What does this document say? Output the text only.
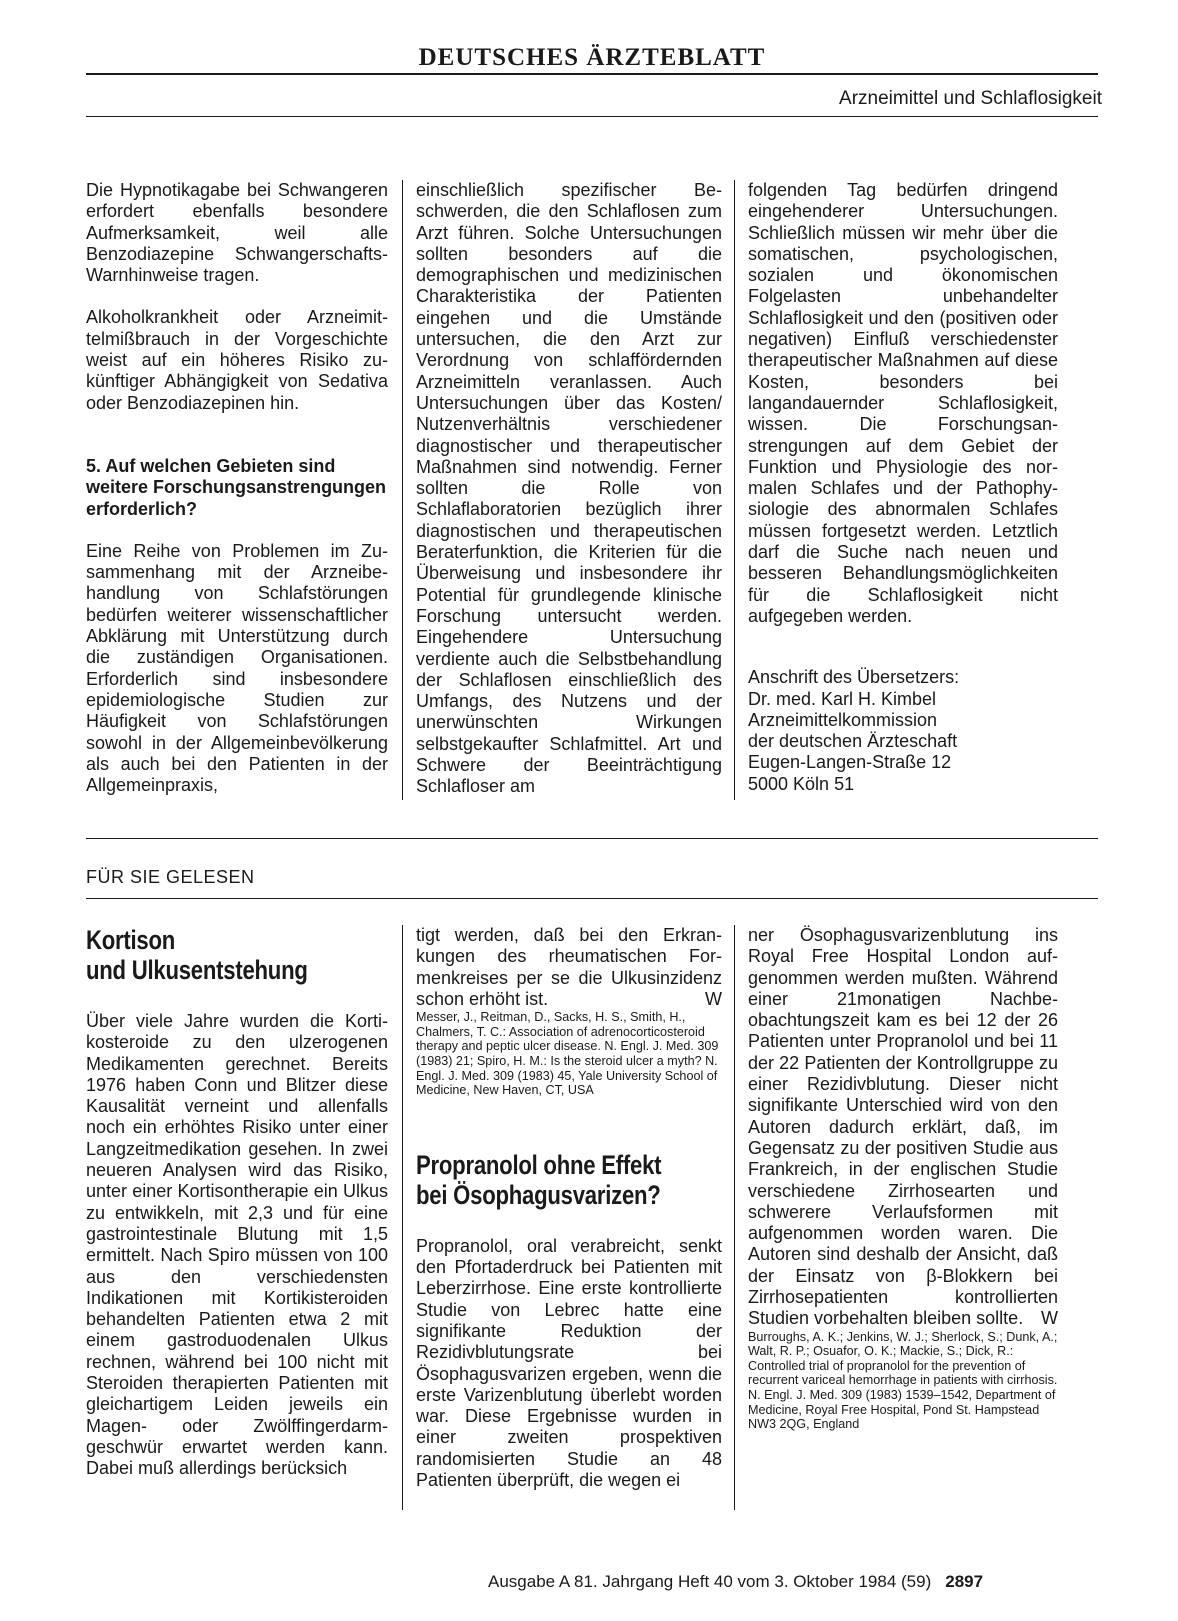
DEUTSCHES ÄRZTEBLATT
Arzneimittel und Schlaflosigkeit

Die Hypnotikagabe bei Schwangeren erfordert ebenfalls besondere Aufmerksamkeit, weil alle Benzodiazepine Schwangerschafts-Warnhinweise tragen.

Alkoholkrankheit oder Arzneimittelmißbrauch in der Vorgeschichte weist auf ein höheres Risiko zukünftiger Abhängigkeit von Sedativa oder Benzodiazepinen hin.

5. Auf welchen Gebieten sind weitere Forschungsanstrengungen erforderlich?

Eine Reihe von Problemen im Zusammenhang mit der Arzneibehandlung von Schlafstörungen bedürfen weiterer wissenschaftlicher Abklärung mit Unterstützung durch die zuständigen Organisationen. Erforderlich sind insbesondere epidemiologische Studien zur Häufigkeit von Schlafstörungen sowohl in der Allgemeinbevölkerung als auch bei den Patienten in der Allgemeinpraxis,

einschließlich spezifischer Beschwerden, die den Schlaflosen zum Arzt führen. Solche Untersuchungen sollten besonders auf die demographischen und medizinischen Charakteristika der Patienten eingehen und die Umstände untersuchen, die den Arzt zur Verordnung von schlaffördernden Arzneimitteln veranlassen. Auch Untersuchungen über das Kosten/ Nutzenverhältnis verschiedener diagnostischer und therapeutischer Maßnahmen sind notwendig. Ferner sollten die Rolle von Schlaflaboratorien bezüglich ihrer diagnostischen und therapeutischen Beraterfunktion, die Kriterien für die Überweisung und insbesondere ihr Potential für grundlegende klinische Forschung untersucht werden. Eingehendere Untersuchung verdiente auch die Selbstbehandlung der Schlaflosen einschließlich des Umfangs, des Nutzens und der unerwünschten Wirkungen selbstgekaufter Schlafmittel. Art und Schwere der Beeinträchtigung Schlafloser am

folgenden Tag bedürfen dringend eingehenderer Untersuchungen. Schließlich müssen wir mehr über die somatischen, psychologischen, sozialen und ökonomischen Folgelasten unbehandelter Schlaflosigkeit und den (positiven oder negativen) Einfluß verschiedenster therapeutischer Maßnahmen auf diese Kosten, besonders bei langandauernder Schlaflosigkeit, wissen. Die Forschungsanstrengungen auf dem Gebiet der Funktion und Physiologie des normalen Schlafes und der Pathophysiologie des abnormalen Schlafes müssen fortgesetzt werden. Letztlich darf die Suche nach neuen und besseren Behandlungsmöglichkeiten für die Schlaflosigkeit nicht aufgegeben werden.

Anschrift des Übersetzers:
Dr. med. Karl H. Kimbel
Arzneimittelkommission
der deutschen Ärzteschaft
Eugen-Langen-Straße 12
5000 Köln 51
FÜR SIE GELESEN
Kortison
und Ulkusentstehung

Über viele Jahre wurden die Kortikosteroide zu den ulzerogenen Medikamenten gerechnet. Bereits 1976 haben Conn und Blitzer diese Kausalität verneint und allenfalls noch ein erhöhtes Risiko unter einer Langzeitmedikation gesehen. In zwei neueren Analysen wird das Risiko, unter einer Kortisontherapie ein Ulkus zu entwikkeln, mit 2,3 und für eine gastrointestinale Blutung mit 1,5 ermittelt. Nach Spiro müssen von 100 aus den verschiedensten Indikationen mit Kortikisteroiden behandelten Patienten etwa 2 mit einem gastroduodenalen Ulkus rechnen, während bei 100 nicht mit Steroiden therapierten Patienten mit gleichartigem Leiden jeweils ein Magen- oder Zwölffingerdarmgeschwür erwartet werden kann. Dabei muß allerdings berücksich

tigt werden, daß bei den Erkrankungen des rheumatischen Formenkreises per se die Ulkusinzidenz schon erhöht ist.	W

Messer, J., Reitman, D., Sacks, H. S., Smith, H., Chalmers, T. C.: Association of adrenocorticosteroid therapy and peptic ulcer disease. N. Engl. J. Med. 309 (1983) 21; Spiro, H. M.: Is the steroid ulcer a myth? N. Engl. J. Med. 309 (1983) 45, Yale University School of Medicine, New Haven, CT, USA

Propranolol ohne Effekt
bei Ösophagusvarizen?

Propranolol, oral verabreicht, senkt den Pfortaderdruck bei Patienten mit Leberzirrhose. Eine erste kontrollierte Studie von Lebrec hatte eine signifikante Reduktion der Rezidivblutungsrate bei Ösophagusvarizen ergeben, wenn die erste Varizenblutung überlebt worden war. Diese Ergebnisse wurden in einer zweiten prospektiven randomisierten Studie an 48 Patienten überprüft, die wegen ei

ner Ösophagusvarizenblutung ins Royal Free Hospital London aufgenommen werden mußten. Während einer 21monatigen Nachbeobachtungszeit kam es bei 12 der 26 Patienten unter Propranolol und bei 11 der 22 Patienten der Kontrollgruppe zu einer Rezidivblutung. Dieser nicht signifikante Unterschied wird von den Autoren dadurch erklärt, daß, im Gegensatz zu der positiven Studie aus Frankreich, in der englischen Studie verschiedene Zirrhosearten und schwerere Verlaufsformen mit aufgenommen worden waren. Die Autoren sind deshalb der Ansicht, daß der Einsatz von β-Blokkern bei Zirrhosepatienten kontrollierten Studien vorbehalten bleiben sollte. W

Burroughs, A. K.; Jenkins, W. J.; Sherlock, S.; Dunk, A.; Walt, R. P.; Osuafor, O. K.; Mackie, S.; Dick, R.: Controlled trial of propranolol for the prevention of recurrent variceal hemorrhage in patients with cirrhosis. N. Engl. J. Med. 309 (1983) 1539–1542, Department of Medicine, Royal Free Hospital, Pond St. Hampstead NW3 2QG, England

Ausgabe A 81. Jahrgang Heft 40 vom 3. Oktober 1984 (59) 2897
